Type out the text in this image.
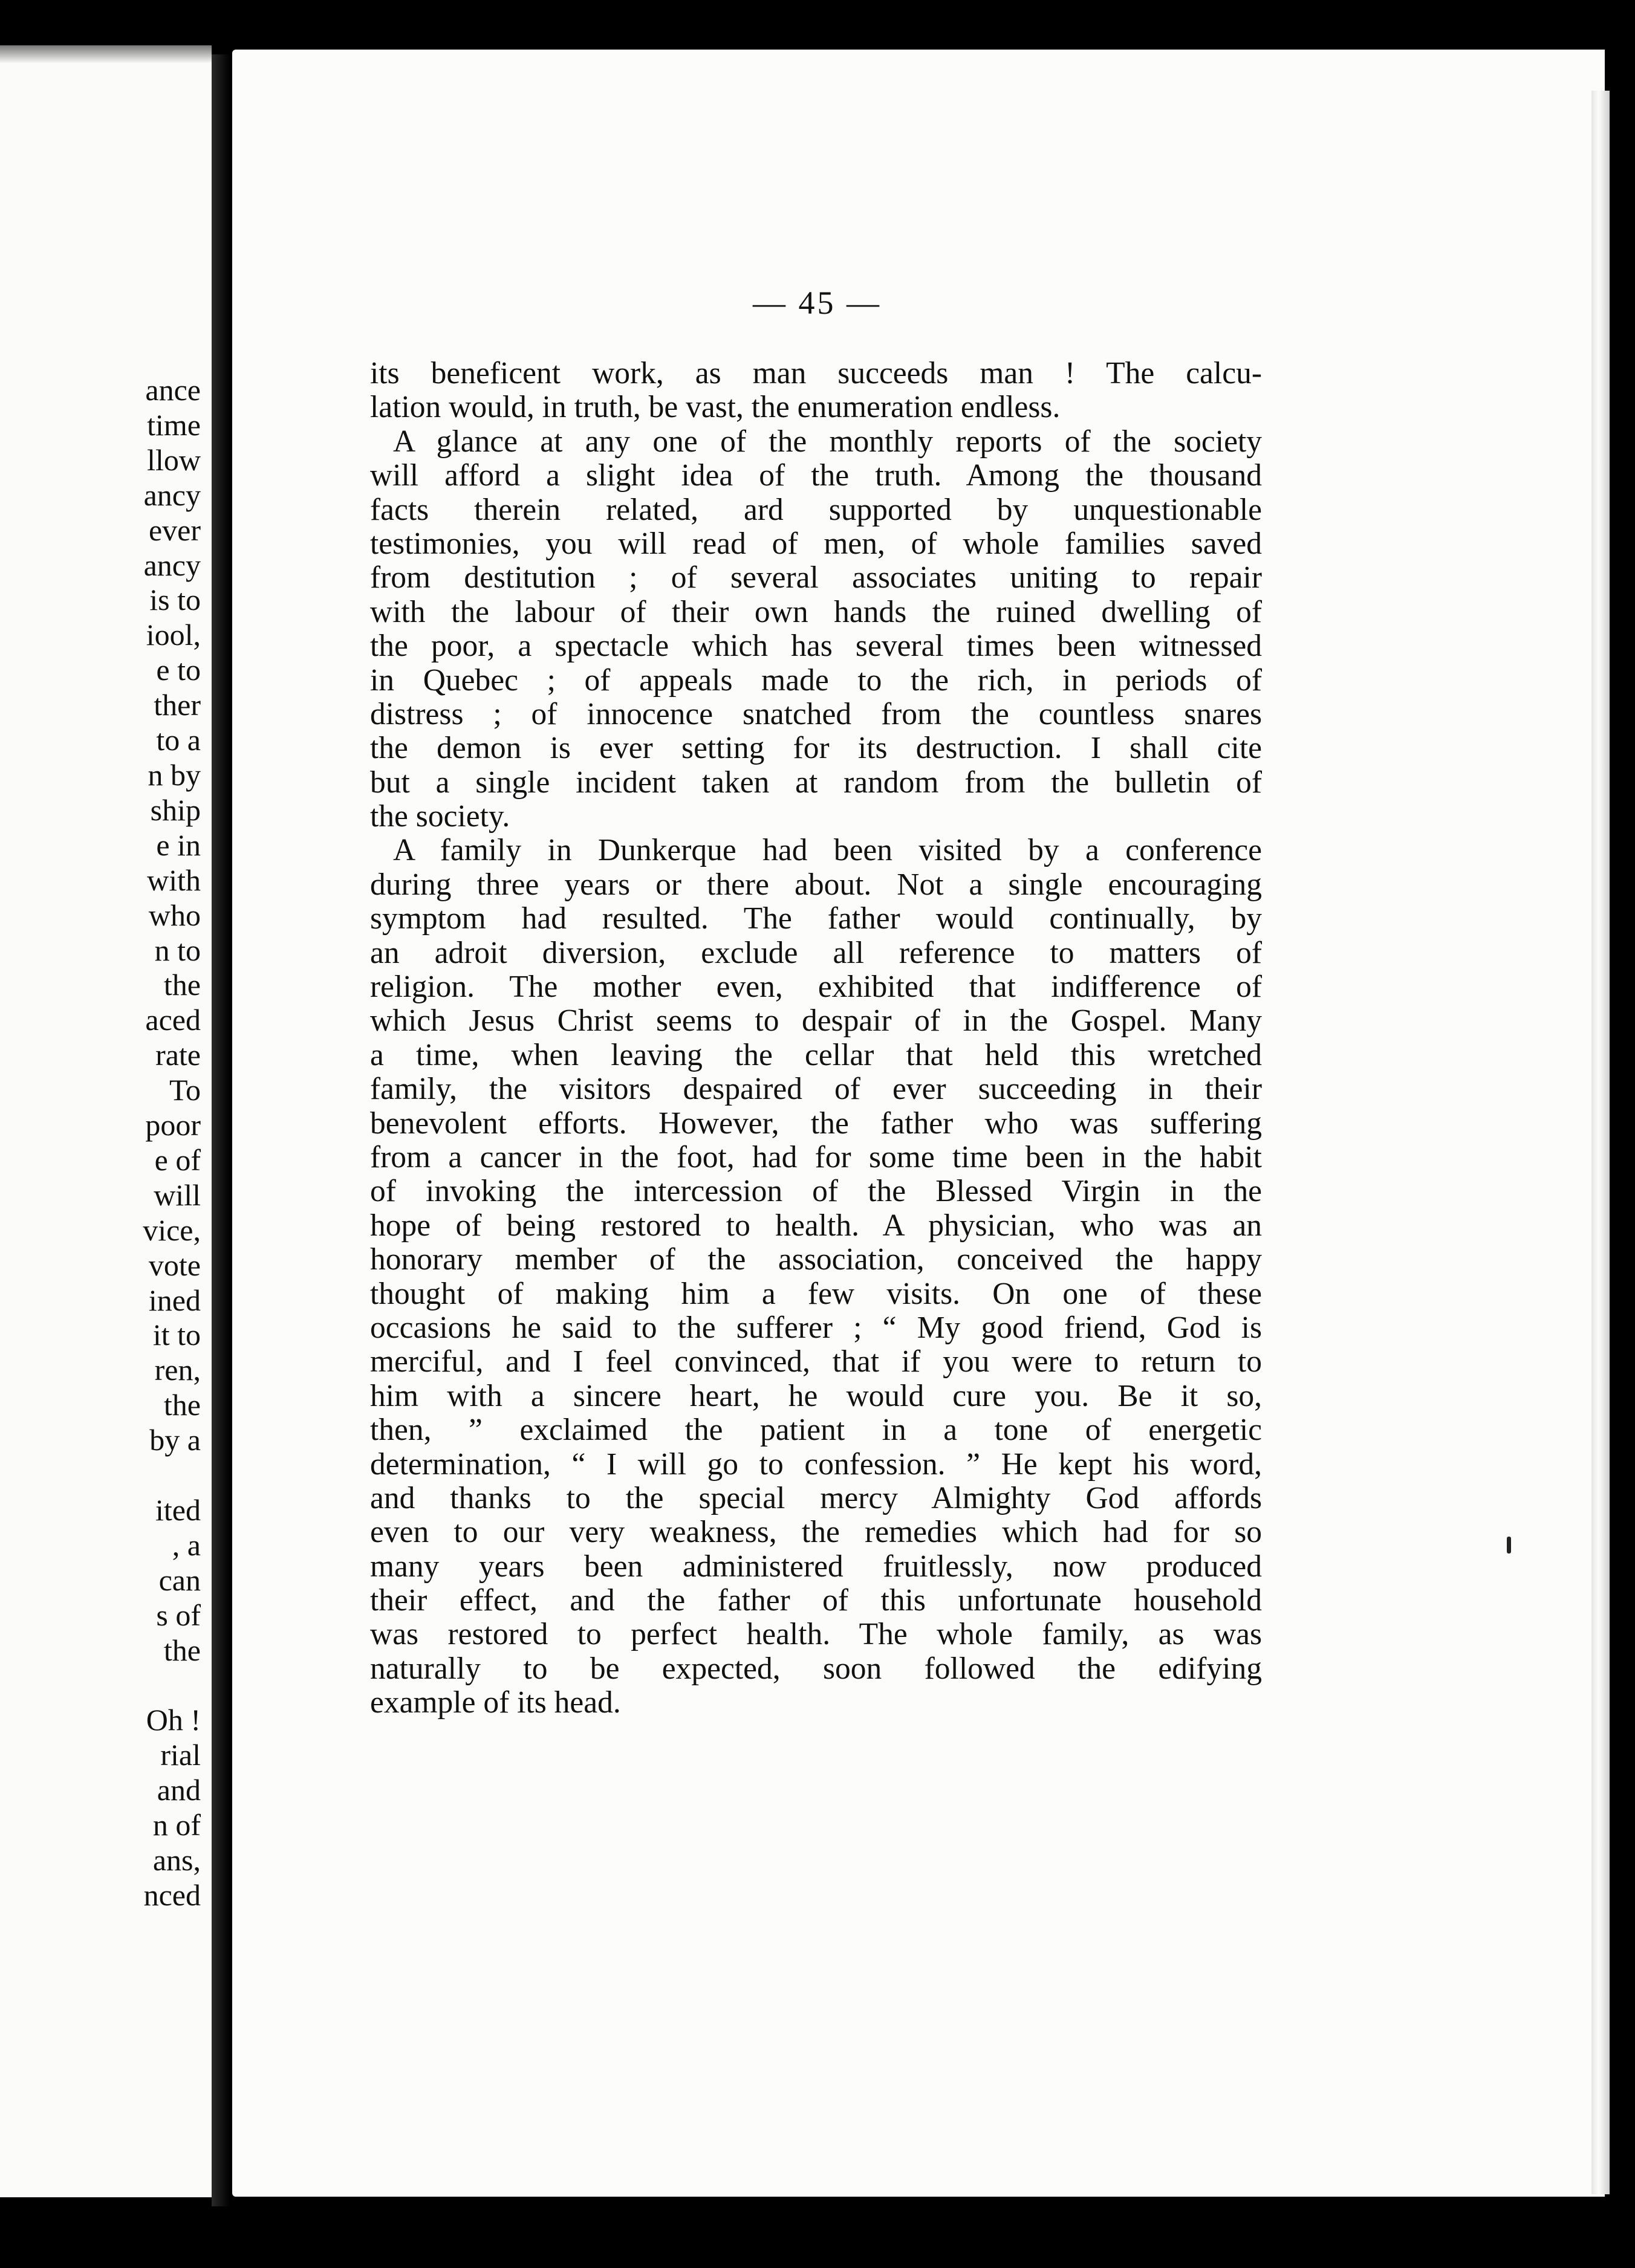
ance
time
llow
ancy
ever
ancy
is to
iool,
e to
ther
to a
n by
ship
e in
with
who
n to
the
aced
rate
To
poor
e of
will
vice,
vote
ined
it to
ren,
the
by a
ited
, a
can
s of
the
Oh !
rial
and
n of
ans,
nced
— 45 —
its beneficent work, as man succeeds man ! The calcu-
lation would, in truth, be vast, the enumeration endless.
A glance at any one of the monthly reports of the society
will afford a slight idea of the truth. Among the thousand
facts therein related, ard supported by unquestionable
testimonies, you will read of men, of whole families saved
from destitution ; of several associates uniting to repair
with the labour of their own hands the ruined dwelling of
the poor, a spectacle which has several times been witnessed
in Quebec ; of appeals made to the rich, in periods of
distress ; of innocence snatched from the countless snares
the demon is ever setting for its destruction. I shall cite
but a single incident taken at random from the bulletin of
the society.
A family in Dunkerque had been visited by a conference
during three years or there about. Not a single encouraging
symptom had resulted. The father would continually, by
an adroit diversion, exclude all reference to matters of
religion. The mother even, exhibited that indifference of
which Jesus Christ seems to despair of in the Gospel. Many
a time, when leaving the cellar that held this wretched
family, the visitors despaired of ever succeeding in their
benevolent efforts. However, the father who was suffering
from a cancer in the foot, had for some time been in the habit
of invoking the intercession of the Blessed Virgin in the
hope of being restored to health. A physician, who was an
honorary member of the association, conceived the happy
thought of making him a few visits. On one of these
occasions he said to the sufferer ; “ My good friend, God is
merciful, and I feel convinced, that if you were to return to
him with a sincere heart, he would cure you. Be it so,
then, ” exclaimed the patient in a tone of energetic
determination, “ I will go to confession. ” He kept his word,
and thanks to the special mercy Almighty God affords
even to our very weakness, the remedies which had for so
many years been administered fruitlessly, now produced
their effect, and the father of this unfortunate household
was restored to perfect health. The whole family, as was
naturally to be expected, soon followed the edifying
example of its head.
